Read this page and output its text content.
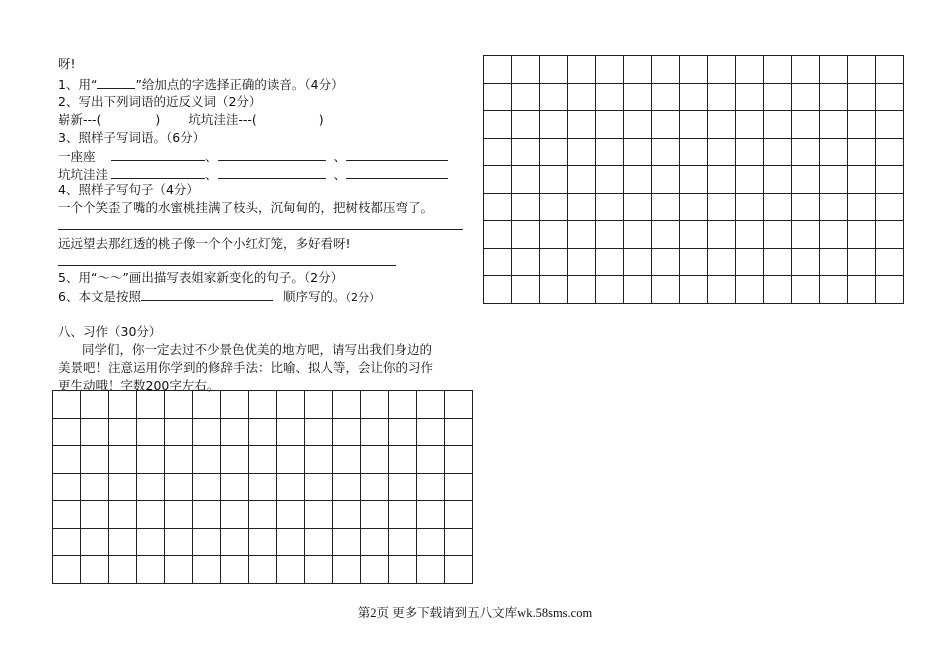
呀!
1、用“	”给加点的字选择正确的读音。（4分）
2、写出下列词语的近反义词（2分）
崭新---(	) 坑坑洼洼---(	)
3、照样子写词语。（6分）
一座座	、	、
坑坑洼洼	、	、
4、照样子写句子（4分）
一个个笑歪了嘴的水蜜桃挂满了枝头，沉甸甸的，把树枝都压弯了。
远远望去那红透的桃子像一个个小红灯笼，多好看呀!
5、用“～～”画出描写表姐家新变化的句子。（2分）
6、本文是按照	顺序写的。（2分）
八、习作（30分）
同学们，你一定去过不少景色优美的地方吧，请写出我们身边的
美景吧！注意运用你学到的修辞手法：比喻、拟人等，会让你的习作
更生动哦！字数200字左右。

第2页 更多下载请到五八文库wk.58sms.com
